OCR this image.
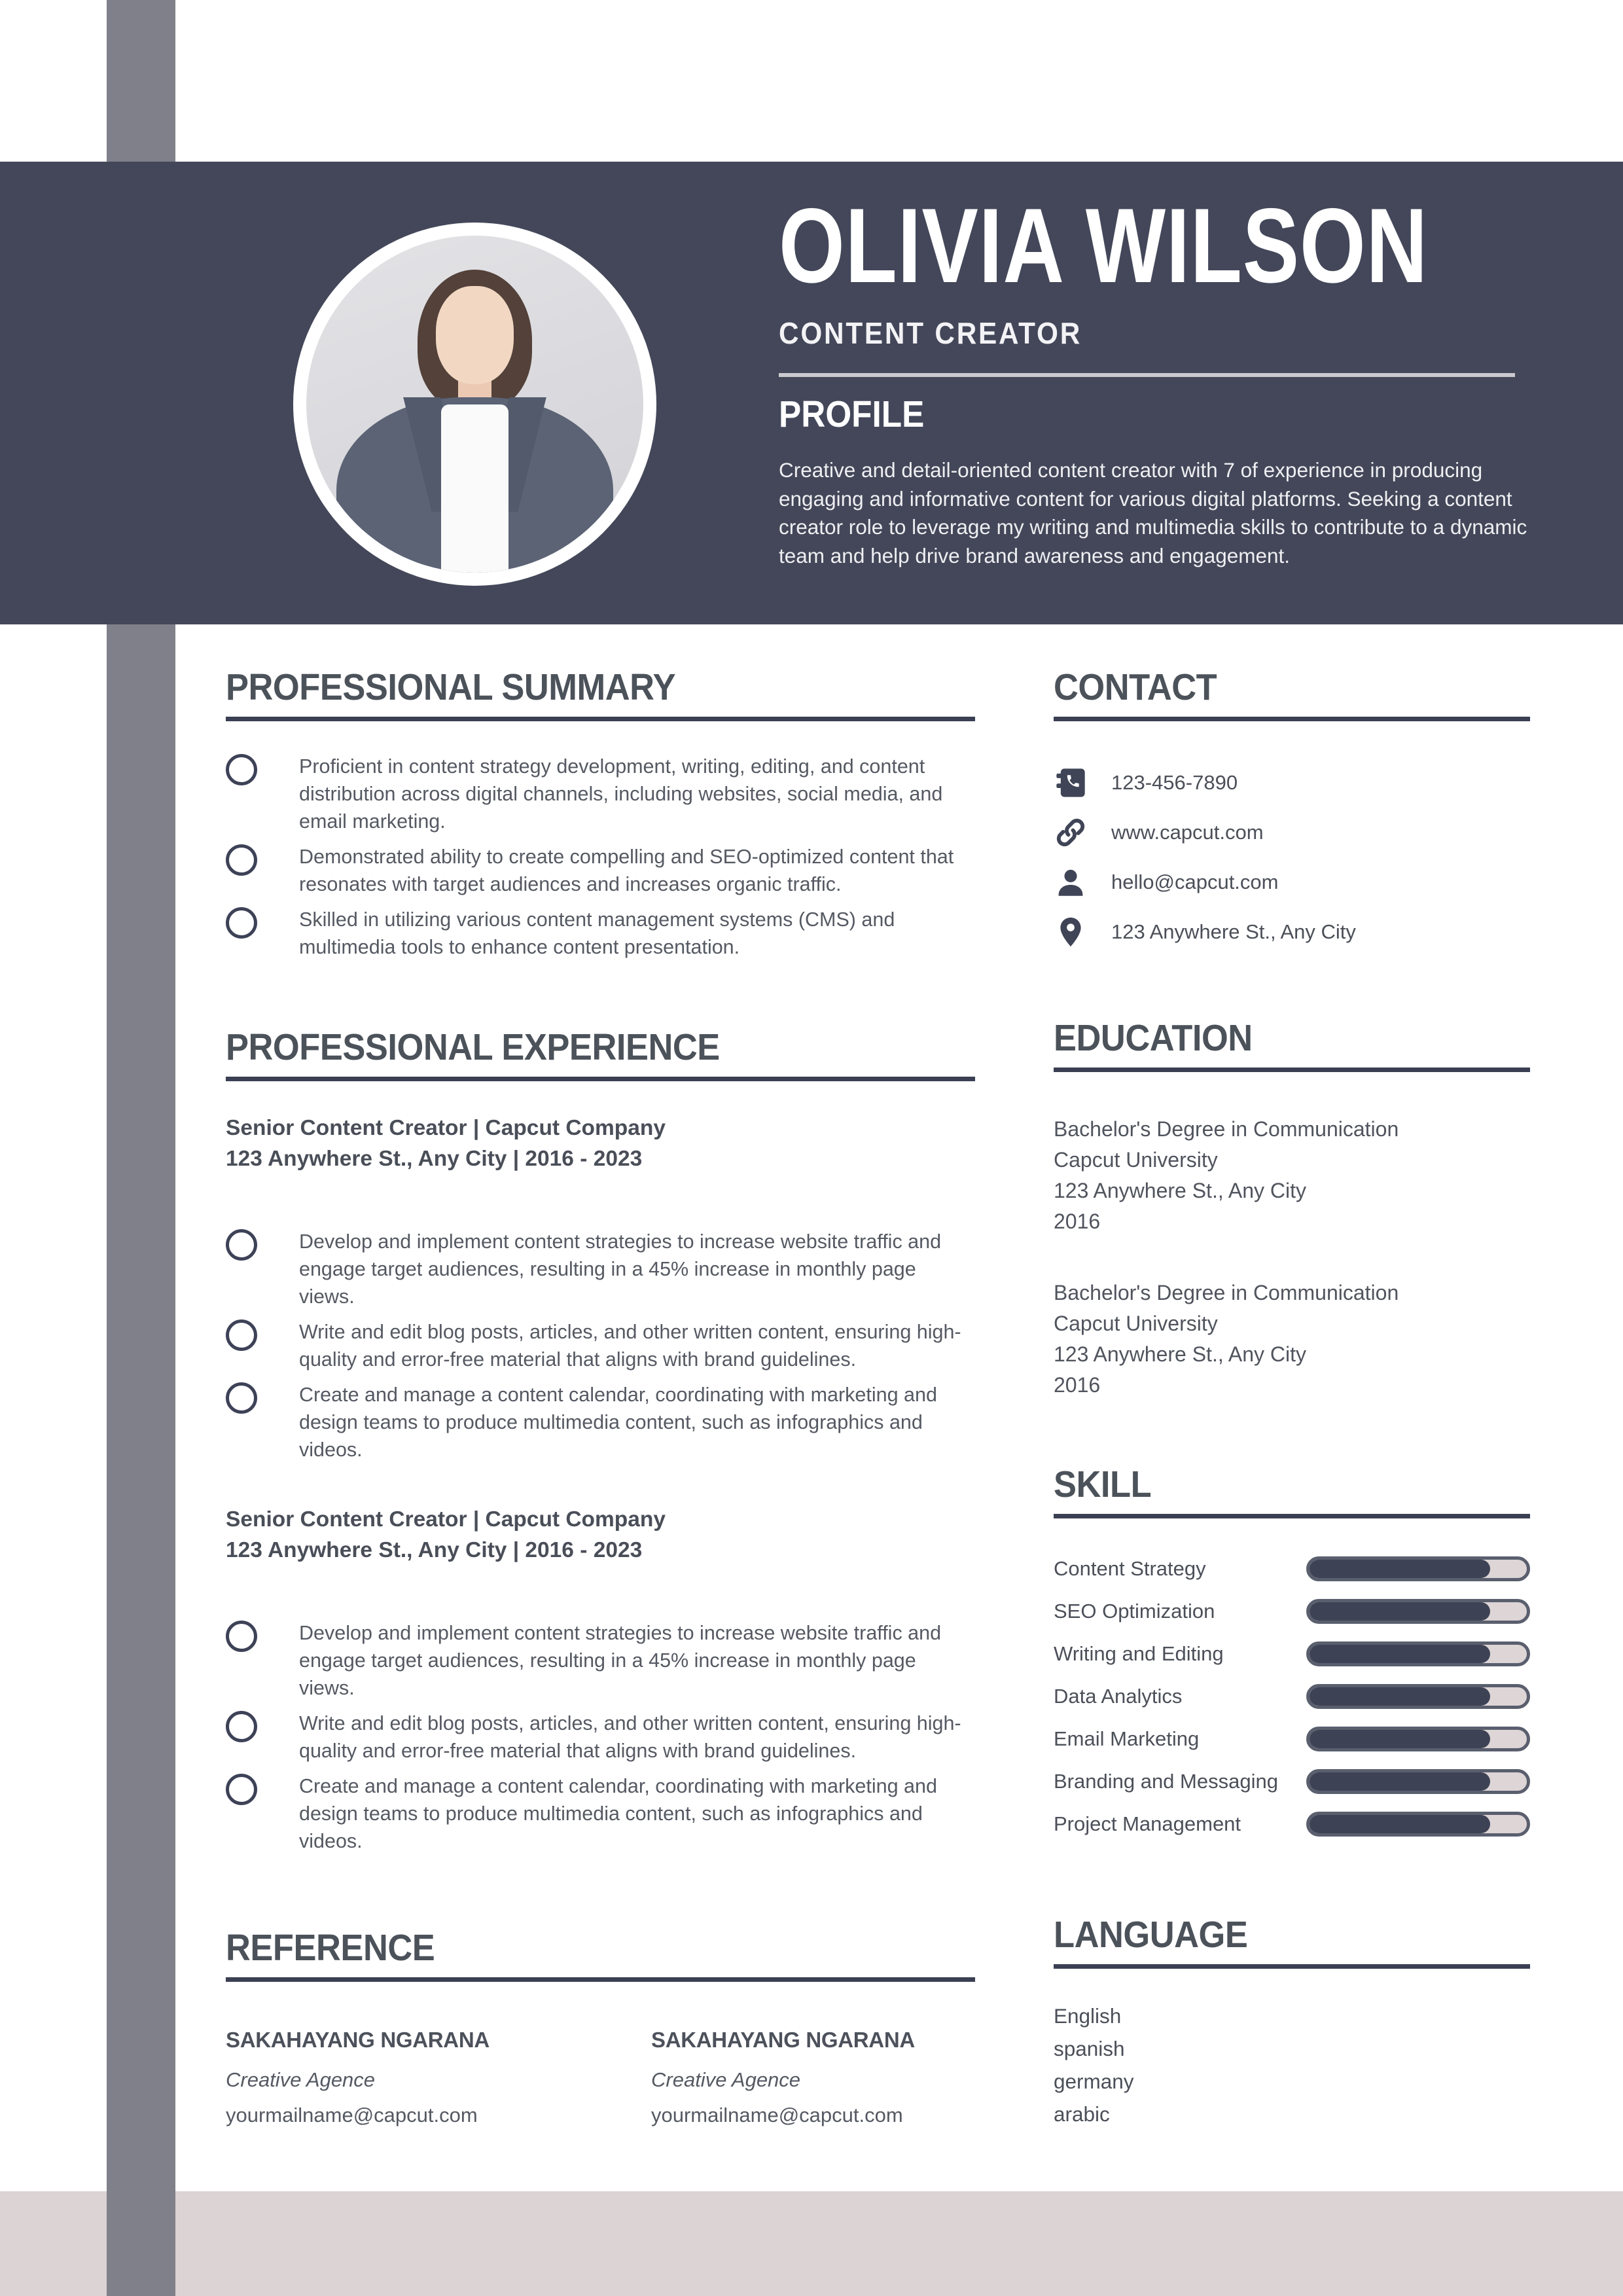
OLIVIA WILSON
CONTENT CREATOR
PROFILE
Creative and detail-oriented content creator with 7 of experience in producing engaging and informative content for various digital platforms. Seeking a content creator role to leverage my writing and multimedia skills to contribute to a dynamic team and help drive brand awareness and engagement.
PROFESSIONAL SUMMARY
Proficient in content strategy development, writing, editing, and content distribution across digital channels, including websites, social media, and email marketing.
Demonstrated ability to create compelling and SEO-optimized content that resonates with target audiences and increases organic traffic.
Skilled in utilizing various content management systems (CMS) and multimedia tools to enhance content presentation.
PROFESSIONAL EXPERIENCE
Senior Content Creator | Capcut Company
123 Anywhere St., Any City | 2016 - 2023
Develop and implement content strategies to increase website traffic and engage target audiences, resulting in a 45% increase in monthly page views.
Write and edit blog posts, articles, and other written content, ensuring high-quality and error-free material that aligns with brand guidelines.
Create and manage a content calendar, coordinating with marketing and design teams to produce multimedia content, such as infographics and videos.
Senior Content Creator | Capcut Company
123 Anywhere St., Any City | 2016 - 2023
Develop and implement content strategies to increase website traffic and engage target audiences, resulting in a 45% increase in monthly page views.
Write and edit blog posts, articles, and other written content, ensuring high-quality and error-free material that aligns with brand guidelines.
Create and manage a content calendar, coordinating with marketing and design teams to produce multimedia content, such as infographics and videos.
REFERENCE
SAKAHAYANG NGARANA
Creative Agence
yourmailname@capcut.com
SAKAHAYANG NGARANA
Creative Agence
yourmailname@capcut.com
CONTACT
123-456-7890
www.capcut.com
hello@capcut.com
123 Anywhere St., Any City
EDUCATION
Bachelor's Degree in Communication
Capcut University
123 Anywhere St., Any City
2016
Bachelor's Degree in Communication
Capcut University
123 Anywhere St., Any City
2016
SKILL
Content Strategy
SEO Optimization
Writing and Editing
Data Analytics
Email Marketing
Branding and Messaging
Project Management
LANGUAGE
English
spanish
germany
arabic
